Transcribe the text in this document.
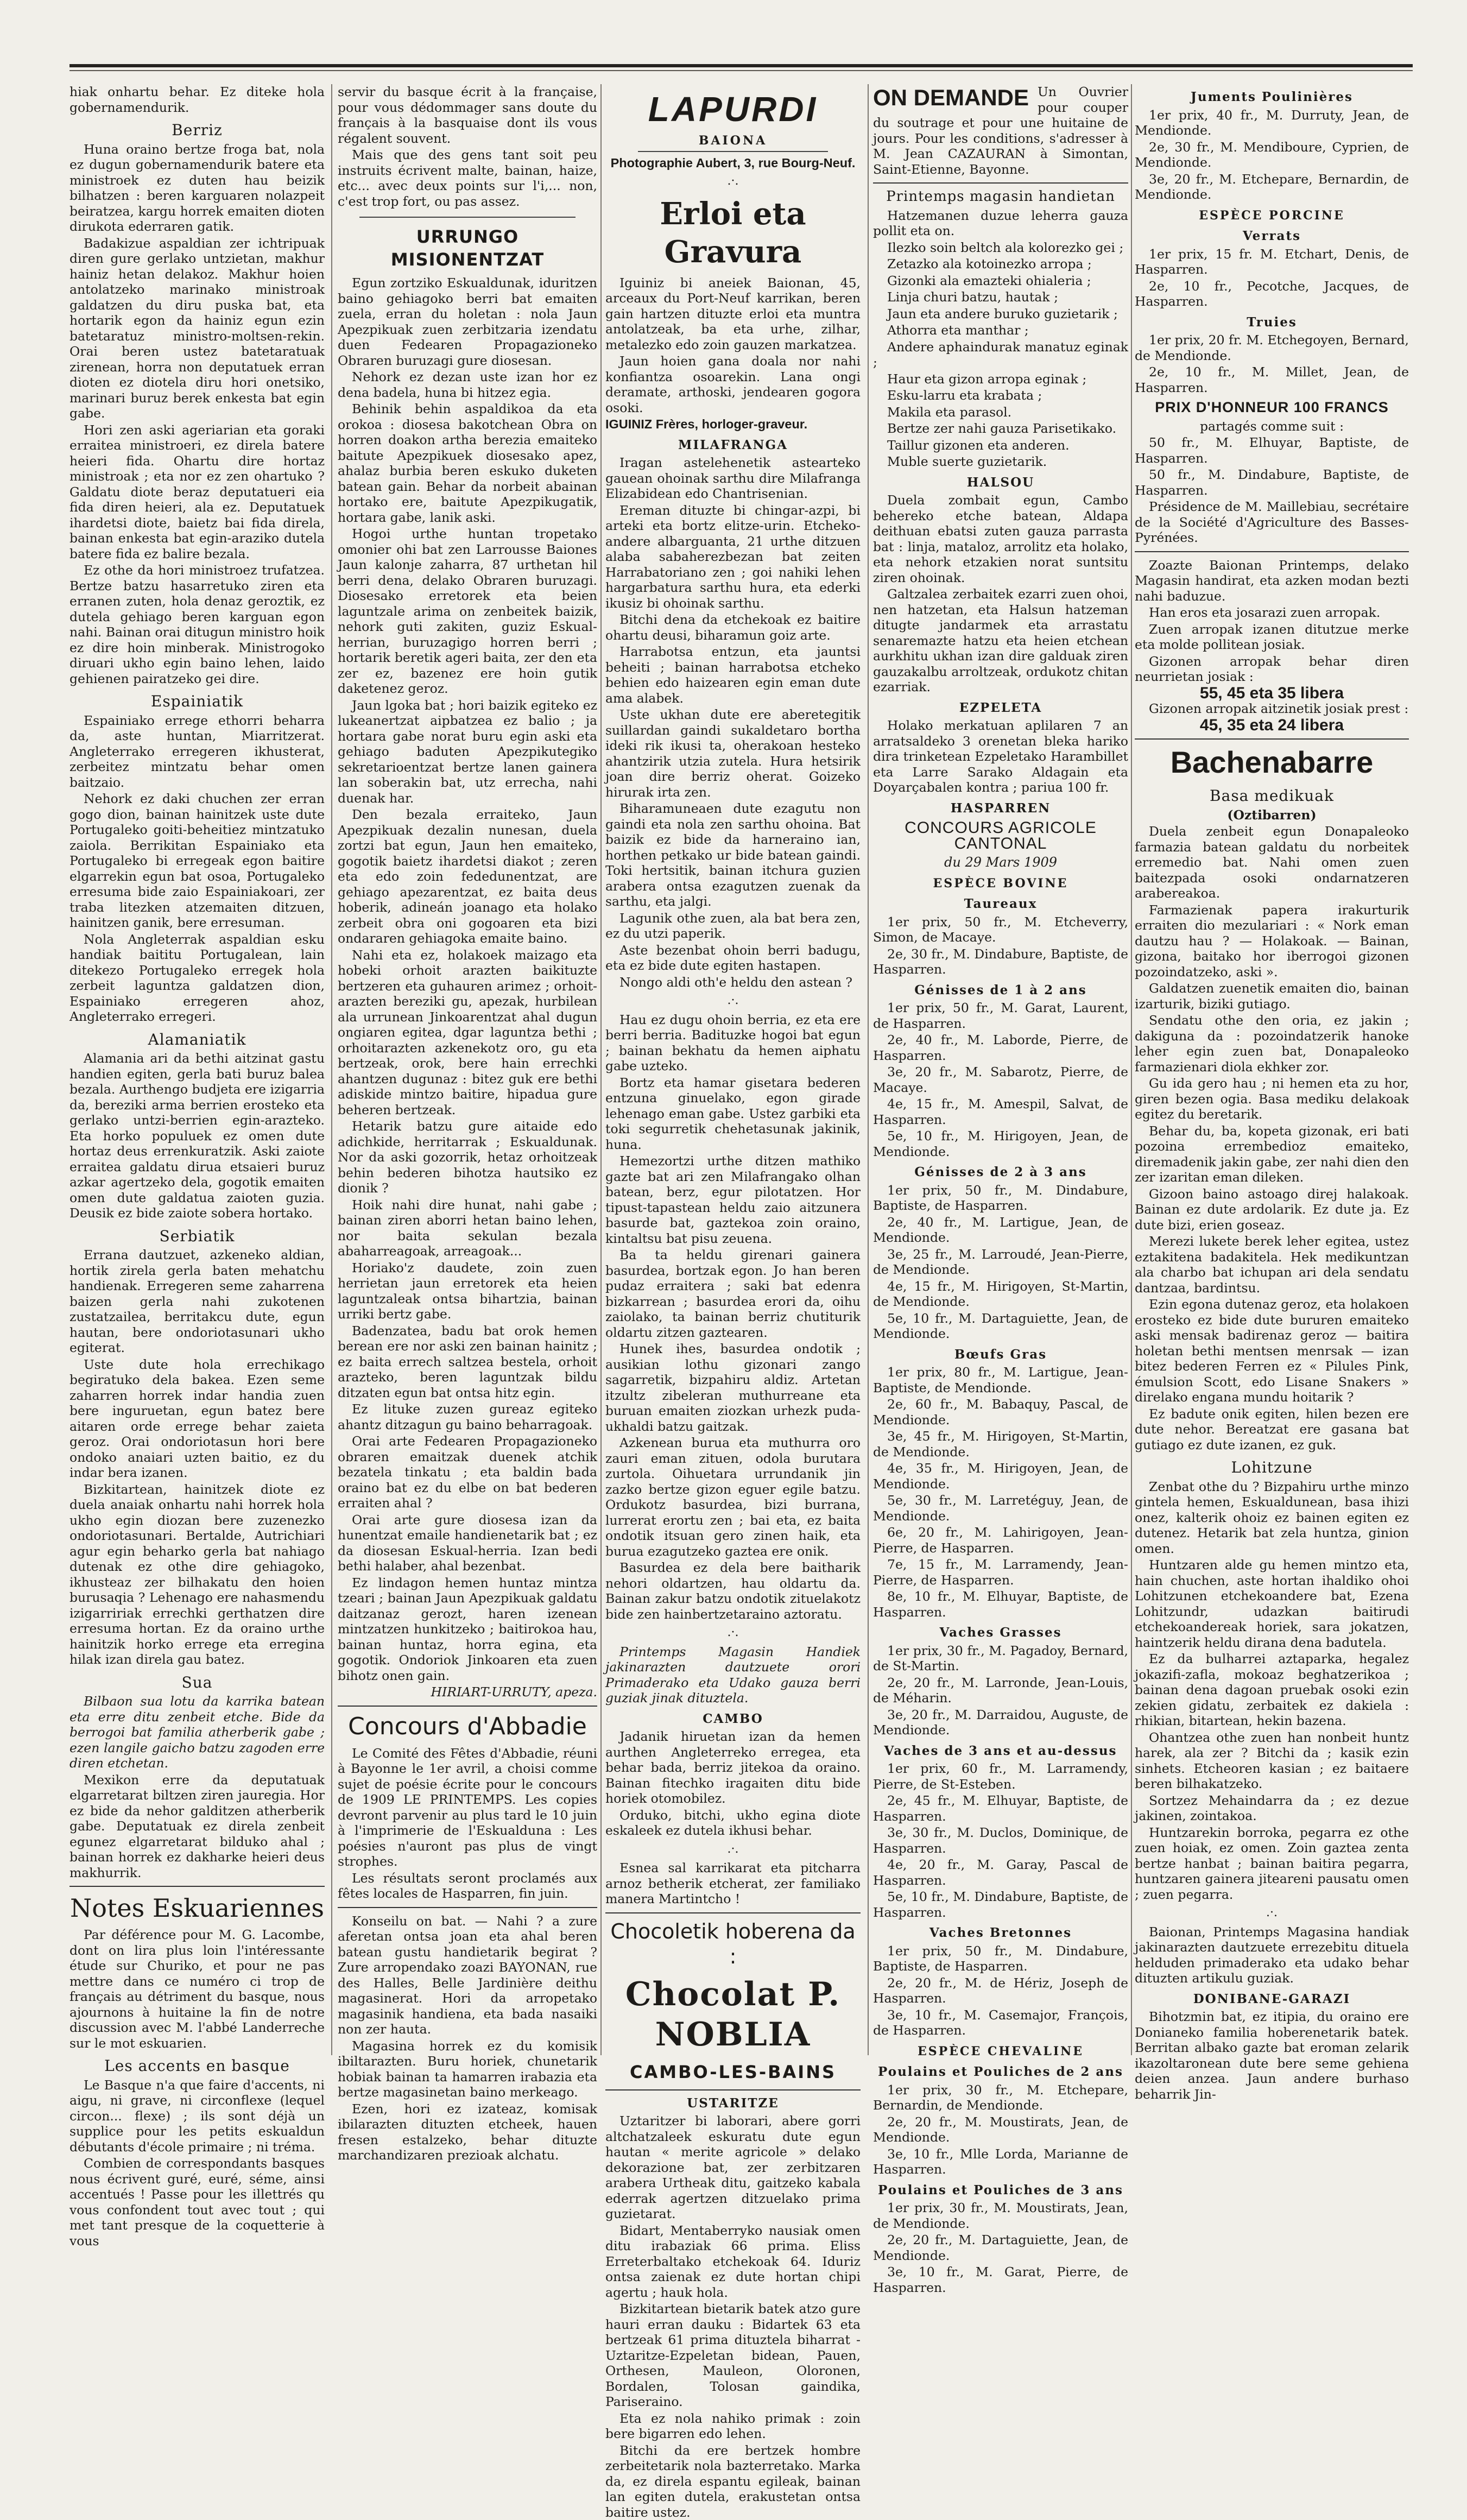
hiak onhartu behar. Ez diteke hola gobernamendurik.

Berriz

Huna oraino bertze froga bat, nola ez dugun gobernamendurik batere eta ministroek ez duten hau beizik bilhatzen : beren karguaren nolazpeit beiratzea, kargu horrek emaiten dioten dirukota ederraren gatik.

Badakizue aspaldian zer ichtripuak diren gure gerlako untzietan, makhur hainiz hetan delakoz. Makhur hoien antolatzeko marinako ministroak galdatzen du diru puska bat, eta hortarik egon da hainiz egun ezin batetaratuz ministro-moltsen-rekin. Orai beren ustez batetaratuak zirenean, horra non deputatuek erran dioten ez diotela diru hori onetsiko, marinari buruz berek enkesta bat egin gabe.

Hori zen aski ageriarian eta goraki erraitea ministroeri, ez direla batere heieri fida. Ohartu dire hortaz ministroak ; eta nor ez zen ohartuko ? Galdatu diote beraz deputatueri eia fida diren heieri, ala ez. Deputatuek ihardetsi diote, baietz bai fida direla, bainan enkesta bat egin-araziko dutela batere fida ez balire bezala.

Ez othe da hori ministroez trufatzea. Bertze batzu hasarretuko ziren eta erranen zuten, hola denaz geroztik, ez dutela gehiago beren karguan egon nahi. Bainan orai ditugun ministro hoik ez dire hoin minberak. Ministrogoko diruari ukho egin baino lehen, laido gehienen pairatzeko gei dire.

Espainiatik

Espainiako errege ethorri beharra da, aste huntan, Miarritzerat. Angleterrako erregeren ikhusterat, zerbeitez mintzatu behar omen baitzaio.

Nehork ez daki chuchen zer erran gogo dion, bainan hainitzek uste dute Portugaleko goiti-beheitiez mintzatuko zaiola. Berrikitan Espainiako eta Portugaleko bi erregeak egon baitire elgarrekin egun bat osoa, Portugaleko erresuma bide zaio Espainiakoari, zer traba litezken atzemaiten ditzuen, hainitzen ganik, bere erresuman.

Nola Angleterrak aspaldian esku handiak baititu Portugalean, lain ditekezo Portugaleko erregek hola zerbeit laguntza galdatzen dion, Espainiako erregeren ahoz, Angleterrako erregeri.

Alamaniatik

Alamania ari da bethi aitzinat gastu handien egiten, gerla bati buruz balea bezala. Aurthengo budjeta ere izigarria da, bereziki arma berrien erosteko eta gerlako untzi-berrien egin-arazteko. Eta horko populuek ez omen dute hortaz deus errenkuratzik. Aski zaiote erraitea galdatu dirua etsaieri buruz azkar agertzeko dela, gogotik emaiten omen dute galdatua zaioten guzia. Deusik ez bide zaiote sobera hortako.

Serbiatik

Errana dautzuet, azkeneko aldian, hortik zirela gerla baten mehatchu handienak. Erregeren seme zaharrena baizen gerla nahi zukotenen zustatzailea, berritakcu dute, egun hautan, bere ondoriotasunari ukho egiterat.

Uste dute hola errechikago begiratuko dela bakea. Ezen seme zaharren horrek indar handia zuen bere inguruetan, egun batez bere aitaren orde errege behar zaieta geroz. Orai ondoriotasun hori bere ondoko anaiari uzten baitio, ez du indar bera izanen.

Bizkitartean, hainitzek diote ez duela anaiak onhartu nahi horrek hola ukho egin diozan bere zuzenezko ondoriotasunari. Bertalde, Autrichiari agur egin beharko gerla bat nahiago dutenak ez othe dire gehiagoko, ikhusteaz zer bilhakatu den hoien burusaqia ? Lehenago ere nahasmendu izigarririak errechki gerthatzen dire erresuma hortan. Ez da oraino urthe hainitzik horko errege eta erregina hilak izan direla gau batez.

Sua

Bilbaon sua lotu da karrika batean eta erre ditu zenbeit etche. Bide da berrogoi bat familia atherberik gabe ; ezen langile gaicho batzu zagoden erre diren etchetan.

Mexikon erre da deputatuak elgarretarat biltzen ziren jauregia. Hor ez bide da nehor galditzen atherberik gabe. Deputatuak ez direla zenbeit egunez elgarretarat bilduko ahal ; bainan horrek ez dakharke heieri deus makhurrik.

Notes Eskuariennes

Par déférence pour M. G. Lacombe, dont on lira plus loin l'intéressante étude sur Churiko, et pour ne pas mettre dans ce numéro ci trop de français au détriment du basque, nous ajournons à huitaine la fin de notre discussion avec M. l'abbé Landerreche sur le mot eskuarien.

Les accents en basque

Le Basque n'a que faire d'accents, ni aigu, ni grave, ni circonflexe (lequel circon... flexe) ; ils sont déjà un supplice pour les petits eskualdun débutants d'école primaire ; ni tréma.

Combien de correspondants basques nous écrivent guré, euré, séme, ainsi accentués ! Passe pour les illettrés qu vous confondent tout avec tout ; qui met tant presque de la coquetterie à vous

servir du basque écrit à la française, pour vous dédommager sans doute du français à la basquaise dont ils vous régalent souvent.

Mais que des gens tant soit peu instruits écrivent malte, bainan, haize, etc... avec deux points sur l'i,... non, c'est trop fort, ou pas assez.

URRUNGO MISIONENTZAT

Egun zortziko Eskualdunak, iduritzen baino gehiagoko berri bat emaiten zuela, erran du holetan : nola Jaun Apezpikuak zuen zerbitzaria izendatu duen Fedearen Propagazioneko Obraren buruzagi gure diosesan.

Nehork ez dezan uste izan hor ez dena badela, huna bi hitzez egia.

Behinik behin aspaldikoa da eta orokoa : diosesa bakotchean Obra on horren doakon artha berezia emaiteko baitute Apezpikuek diosesako apez, ahalaz burbia beren eskuko duketen batean gain. Behar da norbeit abainan hortako ere, baitute Apezpikugatik, hortara gabe, lanik aski.

Hogoi urthe huntan tropetako omonier ohi bat zen Larrousse Baiones Jaun kalonje zaharra, 87 urthetan hil berri dena, delako Obraren buruzagi. Diosesako erretorek eta beien laguntzale arima on zenbeitek baizik, nehork guti zakiten, guziz Eskual-herrian, buruzagigo horren berri ; hortarik beretik ageri baita, zer den eta zer ez, bazenez ere hoin gutik daketenez geroz.

Jaun lgoka bat ; hori baizik egiteko ez lukeanertzat aipbatzea ez balio ; ja hortara gabe norat buru egin aski eta gehiago baduten Apezpikutegiko sekretarioentzat bertze lanen gainera lan soberakin bat, utz errecha, nahi duenak har.

Den bezala erraiteko, Jaun Apezpikuak dezalin nunesan, duela zortzi bat egun, Jaun hen emaiteko, gogotik baietz ihardetsi diakot ; zeren eta edo zoin fededunentzat, are gehiago apezarentzat, ez baita deus hoberik, adineán joanago eta holako zerbeit obra oni gogoaren eta bizi ondararen gehiagoka emaite baino.

Nahi eta ez, holakoek maizago eta hobeki orhoit arazten baikituzte bertzeren eta guhauren arimez ; orhoit-arazten bereziki gu, apezak, hurbilean ala urrunean Jinkoarentzat ahal dugun ongiaren egitea, dgar laguntza bethi ; orhoitarazten azkenekotz oro, gu eta bertzeak, orok, bere hain errechki ahantzen dugunaz : bitez guk ere bethi adiskide mintzo baitire, hipadua gure beheren bertzeak.

Hetarik batzu gure aitaide edo adichkide, herritarrak ; Eskualdunak. Nor da aski gozorrik, hetaz orhoitzeak behin bederen bihotza hautsiko ez dionik ?

Hoik nahi dire hunat, nahi gabe ; bainan ziren aborri hetan baino lehen, nor baita sekulan bezala abaharreagoak, arreagoak...

Horiako'z daudete, zoin zuen herrietan jaun erretorek eta heien laguntzaleak ontsa bihartzia, bainan urriki bertz gabe.

Badenzatea, badu bat orok hemen berean ere nor aski zen bainan hainitz ; ez baita errech saltzea bestela, orhoit arazteko, beren laguntzak bildu ditzaten egun bat ontsa hitz egin.

Ez lituke zuzen gureaz egiteko ahantz ditzagun gu baino beharragoak.

Orai arte Fedearen Propagazioneko obraren emaitzak duenek atchik bezatela tinkatu ; eta baldin bada oraino bat ez du elbe on bat bederen erraiten ahal ?

Orai arte gure diosesa izan da hunentzat emaile handienetarik bat ; ez da diosesan Eskual-herria. Izan bedi bethi halaber, ahal bezenbat.

Ez lindagon hemen huntaz mintza tzeari ; bainan Jaun Apezpikuak galdatu daitzanaz gerozt, haren izenean mintzatzen hunkitzeko ; baitirokoa hau, bainan huntaz, horra egina, eta gogotik. Ondoriok Jinkoaren eta zuen bihotz onen gain.

HIRIART-URRUTY, apeza.

Concours d'Abbadie

Le Comité des Fêtes d'Abbadie, réuni à Bayonne le 1er avril, a choisi comme sujet de poésie écrite pour le concours de 1909 LE PRINTEMPS. Les copies devront parvenir au plus tard le 10 juin à l'imprimerie de l'Eskualduna : Les poésies n'auront pas plus de vingt strophes.

Les résultats seront proclamés aux fêtes locales de Hasparren, fin juin.

Konseilu on bat. — Nahi ? a zure aferetan ontsa joan eta ahal beren batean gustu handietarik begirat ? Zure arropendako zoazi BAYONAN, rue des Halles, Belle Jardinière deithu magasinerat. Hori da arropetako magasinik handiena, eta bada nasaiki non zer hauta.

Magasina horrek ez du komisik ibiltarazten. Buru horiek, chunetarik hobiak bainan ta hamarren irabazia eta bertze magasinetan baino merkeago.

Ezen, hori ez izateaz, komisak ibilarazten dituzten etcheek, hauen fresen estalzeko, behar dituzte marchandizaren prezioak alchatu.

LAPURDI
BAIONA

Photographie Aubert, 3, rue Bourg-Neuf.

.·.
Erloi eta Gravura

Iguiniz bi aneiek Baionan, 45, arceaux du Port-Neuf karrikan, beren gain hartzen dituzte erloi eta muntra antolatzeak, ba eta urhe, zilhar, metalezko edo zoin gauzen markatzea.

Jaun hoien gana doala nor nahi konfiantza osoarekin. Lana ongi deramate, arthoski, jendearen gogora osoki.

IGUINIZ Frères, horloger-graveur.

MILAFRANGA

Iragan astelehenetik astearteko gauean ohoinak sarthu dire Milafranga Elizabidean edo Chantrisenian.

Ereman dituzte bi chingar-azpi, bi arteki eta bortz elitze-urin. Etcheko-andere albarguanta, 21 urthe ditzuen alaba sabaherezbezan bat zeiten Harrabatoriano zen ; goi nahiki lehen hargarbatura sarthu hura, eta ederki ikusiz bi ohoinak sarthu.

Bitchi dena da etchekoak ez baitire ohartu deusi, biharamun goiz arte.

Harrabotsa entzun, eta jauntsi beheiti ; bainan harrabotsa etcheko behien edo haizearen egin eman dute ama alabek.

Uste ukhan dute ere aberetegitik suillardan gaindi sukaldetaro bortha ideki rik ikusi ta, oherakoan hesteko ahantzirik utzia zutela. Hura hetsirik joan dire berriz oherat. Goizeko hirurak irta zen.

Biharamuneaen dute ezagutu non gaindi eta nola zen sarthu ohoina. Bat baizik ez bide da harneraino ian, horthen petkako ur bide batean gaindi. Toki hertsitik, bainan itchura guzien arabera ontsa ezagutzen zuenak da sarthu, eta jalgi.

Lagunik othe zuen, ala bat bera zen, ez du utzi paperik.

Aste bezenbat ohoin berri badugu, eta ez bide dute egiten hastapen.

Nongo aldi oth'e heldu den astean ?

.·.

Hau ez dugu ohoin berria, ez eta ere berri berria. Badituzke hogoi bat egun ; bainan bekhatu da hemen aiphatu gabe uzteko.

Bortz eta hamar gisetara bederen entzuna ginuelako, egon girade lehenago eman gabe. Ustez garbiki eta toki segurretik chehetasunak jakinik, huna.

Hemezortzi urthe ditzen mathiko gazte bat ari zen Milafrangako olhan batean, berz, egur pilotatzen. Hor tipust-tapastean heldu zaio aitzunera basurde bat, gaztekoa zoin oraino, kintaltsu bat pisu zeuena.

Ba ta heldu girenari gainera basurdea, bortzak egon. Jo han beren pudaz erraitera ; saki bat edenra bizkarrean ; basurdea erori da, oihu zaiolako, ta bainan berriz chutiturik oldartu zitzen gaztearen.

Hunek ihes, basurdea ondotik ; ausikian lothu gizonari zango sagarretik, bizpahiru aldiz. Artetan itzultz zibeleran muthurreane eta buruan emaiten ziozkan urhezk puda-ukhaldi batzu gaitzak.

Azkenean burua eta muthurra oro zauri eman zituen, odola burutara zurtola. Oihuetara urrundanik jin zazko bertze gizon eguer egile batzu. Ordukotz basurdea, bizi burrana, lurrerat erortu zen ; bai eta, ez baita ondotik itsuan gero zinen haik, eta burua ezagutzeko gaztea ere onik.

Basurdea ez dela bere baitharik nehori oldartzen, hau oldartu da. Bainan zakur batzu ondotik zituelakotz bide zen hainbertzetaraino aztoratu.

.·.

Printemps Magasin Handiek jakinarazten dautzuete orori Primaderako eta Udako gauza berri guziak jinak dituztela.

CAMBO

Jadanik hiruetan izan da hemen aurthen Angleterreko erregea, eta behar bada, berriz jitekoa da oraino. Bainan fitechko iragaiten ditu bide horiek otomobilez.

Orduko, bitchi, ukho egina diote eskaleek ez dutela ikhusi behar.

.·.

Esnea sal karrikarat eta pitcharra arnoz betherik etcherat, zer familiako manera Martintcho !

Chocoletik hoberena da :
Chocolat P. NOBLIA
CAMBO-LES-BAINS
USTARITZE

Uztaritzer bi laborari, abere gorri altchatzaleek eskuratu dute egun hautan « merite agricole » delako dekorazione bat, zer zerbitzaren arabera Urtheak ditu, gaitzeko kabala ederrak agertzen ditzuelako prima guzietarat.

Bidart, Mentaberryko nausiak omen ditu irabaziak 66 prima. Eliss Erreterbaltako etchekoak 64. Iduriz ontsa zaienak ez dute hortan chipi agertu ; hauk hola.

Bizkitartean bietarik batek atzo gure hauri erran dauku : Bidartek 63 eta bertzeak 61 prima dituztela biharrat - Uztaritze-Ezpeletan bidean, Pauen, Orthesen, Mauleon, Oloronen, Bordalen, Tolosan gaindika, Pariseraino.

Eta ez nola nahiko primak : zoin bere bigarren edo lehen.

Bitchi da ere bertzek hombre zerbeitetarik nola bazterretako. Marka da, ez direla espantu egileak, bainan lan egiten dutela, erakustetan ontsa baitire ustez.

ON DEMANDE Un Ouvrier pour couper du soutrage et pour une huitaine de jours. Pour les conditions, s'adresser à M. Jean CAZAURAN à Simontan, Saint-Etienne, Bayonne.

Printemps magasin handietan

Hatzemanen duzue leherra gauza pollit eta on.

Ilezko soin beltch ala kolorezko gei ;

Zetazko ala kotoinezko arropa ;

Gizonki ala emazteki ohialeria ;

Linja churi batzu, hautak ;

Jaun eta andere buruko guzietarik ;

Athorra eta manthar ;

Andere aphaindurak manatuz eginak ;

Haur eta gizon arropa eginak ;

Esku-larru eta krabata ;

Makila eta parasol.

Bertze zer nahi gauza Parisetikako.

Taillur gizonen eta anderen.

Muble suerte guzietarik.

HALSOU

Duela zombait egun, Cambo behereko etche batean, Aldapa deithuan ebatsi zuten gauza parrasta bat : linja, mataloz, arrolitz eta holako, eta nehork etzakien norat suntsitu ziren ohoinak.

Galtzalea zerbaitek ezarri zuen ohoi, nen hatzetan, eta Halsun hatzeman ditugte jandarmek eta arrastatu senaremazte hatzu eta heien etchean aurkhitu ukhan izan dire galduak ziren gauzakalbu arroltzeak, ordukotz chitan ezarriak.

EZPELETA

Holako merkatuan aplilaren 7 an arratsaldeko 3 orenetan bleka hariko dira trinketean Ezpeletako Harambillet eta Larre Sarako Aldagain eta Doyarçabalen kontra ; pariua 100 fr.

HASPARREN
CONCOURS AGRICOLE CANTONAL
du 29 Mars 1909
ESPÈCE BOVINE
Taureaux

1er prix, 50 fr., M. Etcheverry, Simon, de Macaye.

2e, 30 fr., M. Dindabure, Baptiste, de Hasparren.

Génisses de 1 à 2 ans

1er prix, 50 fr., M. Garat, Laurent, de Hasparren.

2e, 40 fr., M. Laborde, Pierre, de Hasparren.

3e, 20 fr., M. Sabarotz, Pierre, de Macaye.

4e, 15 fr., M. Amespil, Salvat, de Hasparren.

5e, 10 fr., M. Hirigoyen, Jean, de Mendionde.

Génisses de 2 à 3 ans

1er prix, 50 fr., M. Dindabure, Baptiste, de Hasparren.

2e, 40 fr., M. Lartigue, Jean, de Mendionde.

3e, 25 fr., M. Larroudé, Jean-Pierre, de Mendionde.

4e, 15 fr., M. Hirigoyen, St-Martin, de Mendionde.

5e, 10 fr., M. Dartaguiette, Jean, de Mendionde.

Bœufs Gras

1er prix, 80 fr., M. Lartigue, Jean-Baptiste, de Mendionde.

2e, 60 fr., M. Babaquy, Pascal, de Mendionde.

3e, 45 fr., M. Hirigoyen, St-Martin, de Mendionde.

4e, 35 fr., M. Hirigoyen, Jean, de Mendionde.

5e, 30 fr., M. Larretéguy, Jean, de Mendionde.

6e, 20 fr., M. Lahirigoyen, Jean-Pierre, de Hasparren.

7e, 15 fr., M. Larramendy, Jean-Pierre, de Hasparren.

8e, 10 fr., M. Elhuyar, Baptiste, de Hasparren.

Vaches Grasses

1er prix, 30 fr., M. Pagadoy, Bernard, de St-Martin.

2e, 20 fr., M. Larronde, Jean-Louis, de Méharin.

3e, 20 fr., M. Darraidou, Auguste, de Mendionde.

Vaches de 3 ans et au-dessus

1er prix, 60 fr., M. Larramendy, Pierre, de St-Esteben.

2e, 45 fr., M. Elhuyar, Baptiste, de Hasparren.

3e, 30 fr., M. Duclos, Dominique, de Hasparren.

4e, 20 fr., M. Garay, Pascal de Hasparren.

5e, 10 fr., M. Dindabure, Baptiste, de Hasparren.

Vaches Bretonnes

1er prix, 50 fr., M. Dindabure, Baptiste, de Hasparren.

2e, 20 fr., M. de Hériz, Joseph de Hasparren.

3e, 10 fr., M. Casemajor, François, de Hasparren.

ESPÈCE CHEVALINE
Poulains et Pouliches de 2 ans

1er prix, 30 fr., M. Etchepare, Bernardin, de Mendionde.

2e, 20 fr., M. Moustirats, Jean, de Mendionde.

3e, 10 fr., Mlle Lorda, Marianne de Hasparren.

Poulains et Pouliches de 3 ans

1er prix, 30 fr., M. Moustirats, Jean, de Mendionde.

2e, 20 fr., M. Dartaguiette, Jean, de Mendionde.

3e, 10 fr., M. Garat, Pierre, de Hasparren.

Juments Poulinières

1er prix, 40 fr., M. Durruty, Jean, de Mendionde.

2e, 30 fr., M. Mendiboure, Cyprien, de Mendionde.

3e, 20 fr., M. Etchepare, Bernardin, de Mendionde.

ESPÈCE PORCINE
Verrats

1er prix, 15 fr. M. Etchart, Denis, de Hasparren.

2e, 10 fr., Pecotche, Jacques, de Hasparren.

Truies

1er prix, 20 fr. M. Etchegoyen, Bernard, de Mendionde.

2e, 10 fr., M. Millet, Jean, de Hasparren.

PRIX D'HONNEUR 100 FRANCS

partagés comme suit :

50 fr., M. Elhuyar, Baptiste, de Hasparren.

50 fr., M. Dindabure, Baptiste, de Hasparren.

Présidence de M. Maillebiau, secrétaire de la Société d'Agriculture des Basses-Pyrénées.

Zoazte Baionan Printemps, delako Magasin handirat, eta azken modan bezti nahi baduzue.

Han eros eta josarazi zuen arropak.

Zuen arropak izanen ditutzue merke eta molde pollitean josiak.

Gizonen arropak behar diren neurrietan josiak :

55, 45 eta 35 libera

Gizonen arropak aitzinetik josiak prest :

45, 35 eta 24 libera
Bachenabarre
Basa medikuak

(Oztibarren)

Duela zenbeit egun Donapaleoko farmazia batean galdatu du norbeitek erremedio bat. Nahi omen zuen baitezpada osoki ondarnatzeren arabereakoa.

Farmazienak papera irakurturik erraiten dio mezulariari : « Nork eman dautzu hau ? — Holakoak. — Bainan, gizona, baitako hor iberrogoi gizonen pozoindatzeko, aski ».

Galdatzen zuenetik emaiten dio, bainan izarturik, biziki gutiago.

Sendatu othe den oria, ez jakin ; dakiguna da : pozoindatzerik hanoke leher egin zuen bat, Donapaleoko farmazienari diola ekhker zor.

Gu ida gero hau ; ni hemen eta zu hor, giren bezen ogia. Basa mediku delakoak egitez du beretarik.

Behar du, ba, kopeta gizonak, eri bati pozoina errembedioz emaiteko, diremadenik jakin gabe, zer nahi dien den zer izaritan eman dileken.

Gizoon baino astoago direj halakoak. Bainan ez dute ardolarik. Ez dute ja. Ez dute bizi, erien goseaz.

Merezi lukete berek leher egitea, ustez eztakitena badakitela. Hek medikuntzan ala charbo bat ichupan ari dela sendatu dantzaa, bardintsu.

Ezin egona dutenaz geroz, eta holakoen erosteko ez bide dute bururen emaiteko aski mensak badirenaz geroz — baitira holetan bethi mentsen menrsak — izan bitez bederen Ferren ez « Pilules Pink, émulsion Scott, edo Lisane Snakers » direlako engana mundu hoitarik ?

Ez badute onik egiten, hilen bezen ere dute nehor. Bereatzat ere gasana bat gutiago ez dute izanen, ez guk.

Lohitzune

Zenbat othe du ? Bizpahiru urthe minzo gintela hemen, Eskualdunean, basa ihizi onez, kalterik ohoiz ez bainen egiten ez dutenez. Hetarik bat zela huntza, ginion omen.

Huntzaren alde gu hemen mintzo eta, hain chuchen, aste hortan ihaldiko ohoi Lohitzunen etchekoandere bat, Ezena Lohitzundr, udazkan baitirudi etchekoandereak horiek, sara jokatzen, haintzerik heldu dirana dena badutela.

Ez da bulharrei aztaparka, hegalez jokazifi-zafla, mokoaz beghatzerikoa ; bainan dena dagoan pruebak osoki ezin zekien gidatu, zerbaitek ez dakiela : rhikian, bitartean, hekin bazena.

Ohantzea othe zuen han nonbeit huntz harek, ala zer ? Bitchi da ; kasik ezin sinhets. Etcheoren kasian ; ez baitaere beren bilhakatzeko.

Sortzez Mehaindarra da ; ez dezue jakinen, zointakoa.

Huntzarekin borroka, pegarra ez othe zuen hoiak, ez omen. Zoin gaztea zenta bertze hanbat ; bainan baitira pegarra, huntzaren gainera jiteareni pausatu omen ; zuen pegarra.

.·.

Baionan, Printemps Magasina handiak jakinarazten dautzuete errezebitu dituela helduden primaderako eta udako behar dituzten artikulu guziak.

DONIBANE-GARAZI

Bihotzmin bat, ez itipia, du oraino ere Donianeko familia hoberenetarik batek. Berritan albako gazte bat eroman zelarik ikazoltaronean dute bere seme gehiena deien anzea. Jaun andere burhaso beharrik Jin-
